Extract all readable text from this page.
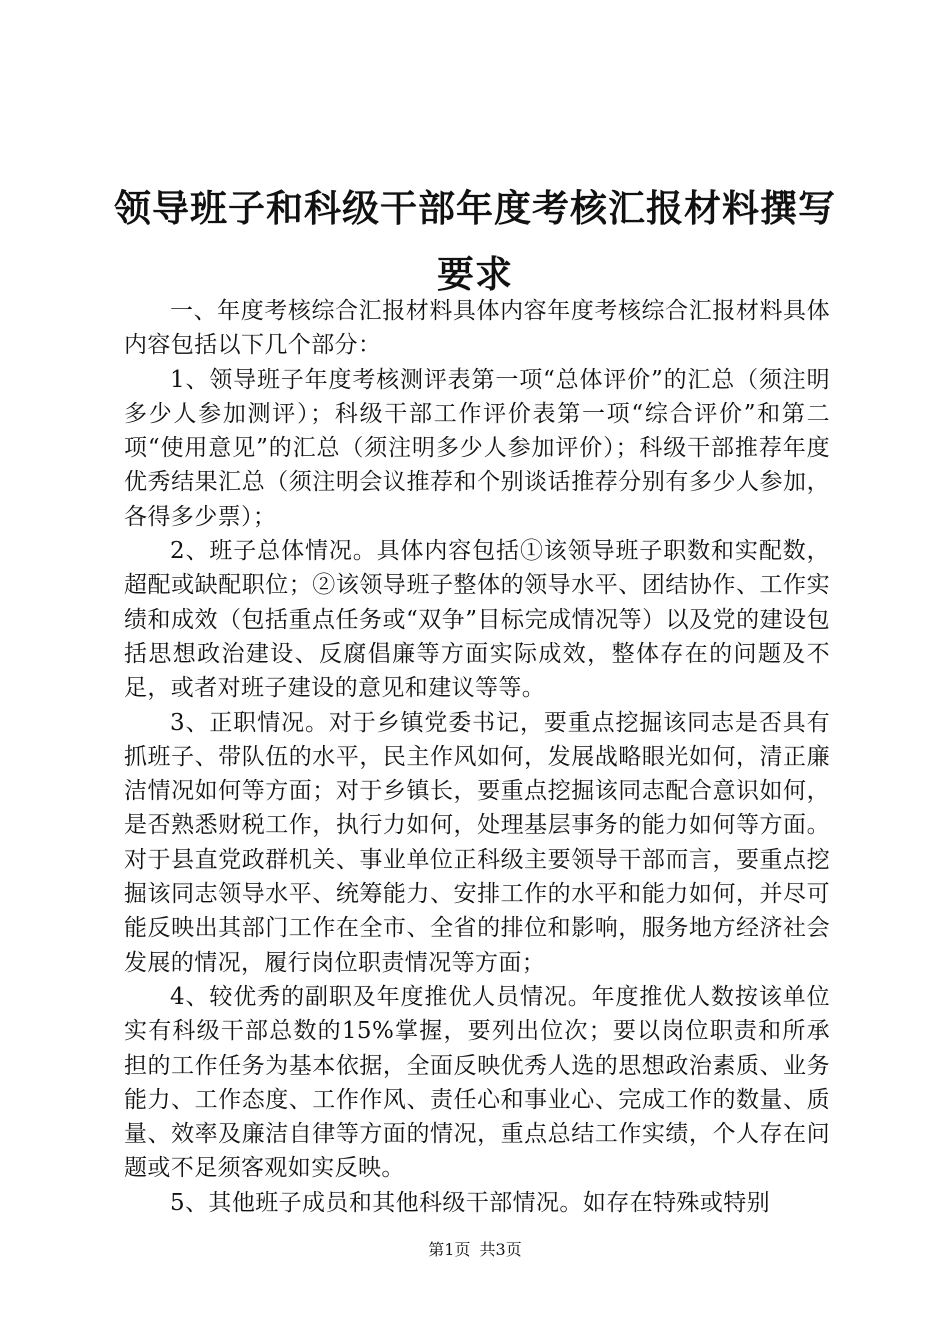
领导班子和科级干部年度考核汇报材料撰写要求

一、年度考核综合汇报材料具体内容年度考核综合汇报材料具体内容包括以下几个部分：

1、领导班子年度考核测评表第一项“总体评价”的汇总（须注明多少人参加测评）；科级干部工作评价表第一项“综合评价”和第二项“使用意见”的汇总（须注明多少人参加评价）；科级干部推荐年度优秀结果汇总（须注明会议推荐和个别谈话推荐分别有多少人参加，各得多少票）；

2、班子总体情况。具体内容包括①该领导班子职数和实配数，超配或缺配职位；②该领导班子整体的领导水平、团结协作、工作实绩和成效（包括重点任务或“双争”目标完成情况等）以及党的建设包括思想政治建设、反腐倡廉等方面实际成效，整体存在的问题及不足，或者对班子建设的意见和建议等等。

3、正职情况。对于乡镇党委书记，要重点挖掘该同志是否具有抓班子、带队伍的水平，民主作风如何，发展战略眼光如何，清正廉洁情况如何等方面；对于乡镇长，要重点挖掘该同志配合意识如何，是否熟悉财税工作，执行力如何，处理基层事务的能力如何等方面。对于县直党政群机关、事业单位正科级主要领导干部而言，要重点挖掘该同志领导水平、统筹能力、安排工作的水平和能力如何，并尽可能反映出其部门工作在全市、全省的排位和影响，服务地方经济社会发展的情况，履行岗位职责情况等方面；

4、较优秀的副职及年度推优人员情况。年度推优人数按该单位实有科级干部总数的15%掌握，要列出位次；要以岗位职责和所承担的工作任务为基本依据，全面反映优秀人选的思想政治素质、业务能力、工作态度、工作作风、责任心和事业心、完成工作的数量、质量、效率及廉洁自律等方面的情况，重点总结工作实绩，个人存在问题或不足须客观如实反映。

5、其他班子成员和其他科级干部情况。如存在特殊或特别

第1页 共3页
